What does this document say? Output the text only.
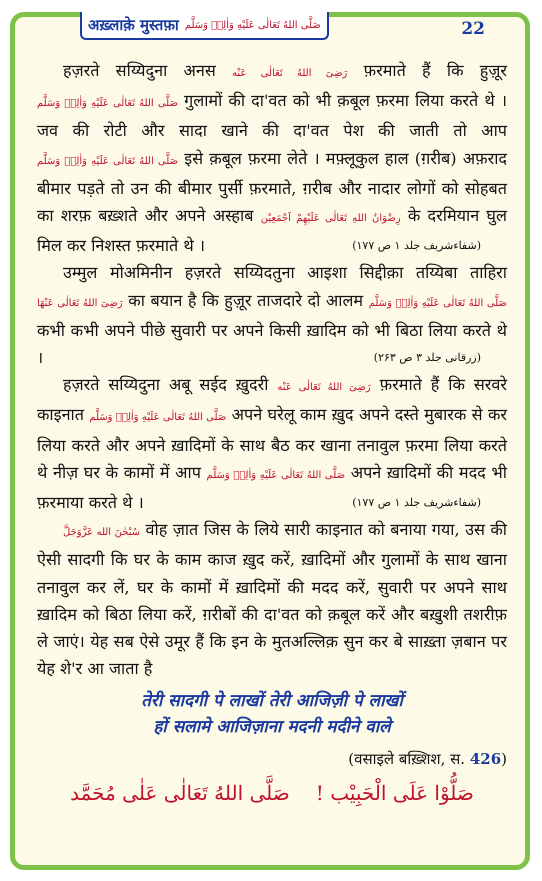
अख़्लाक़े मुस्तफ़ा صَلَّى اللهُ تَعَالٰى عَلَيْهِ وَاٰلِهٖ وَسَلَّم	22

हज़रते सय्यिदुना अनस رَضِىَ اللهُ تَعَالٰى عَنْه फ़रमाते हैं कि हुज़ूर صَلَّى اللهُ تَعَالٰى عَلَيْهِ وَاٰلِهٖ وَسَلَّم गुलामों की दा'वत को भी क़बूल फ़रमा लिया करते थे । जव की रोटी और सादा खाने की दा'वत पेश की जाती तो आप صَلَّى اللهُ تَعَالٰى عَلَيْهِ وَاٰلِهٖ وَسَلَّم इसे क़बूल फ़रमा लेते । मफ़्लूकुल हाल (ग़रीब) अफ़राद बीमार पड़ते तो उन की बीमार पुर्सी फ़रमाते, ग़रीब और नादार लोगों को सोहबत का शरफ़ बख़्शते और अपने अस्हाब رِضْوَانُ اللهِ تَعَالٰى عَلَيْهِمْ اَجْمَعِيْن के दरमियान घुल मिल कर निशस्त फ़रमाते थे ।	(شفاءشریف جلد ۱ ص ۱۷۷)

उम्मुल मोअमिनीन हज़रते सय्यिदतुना आइशा सिद्दीक़ा तय्यिबा ताहिरा رَضِىَ اللهُ تَعَالٰى عَنْهَا का बयान है कि हुज़ूर ताजदारे दो आलम صَلَّى اللهُ تَعَالٰى عَلَيْهِ وَاٰلِهٖ وَسَلَّم कभी कभी अपने पीछे सुवारी पर अपने किसी ख़ादिम को भी बिठा लिया करते थे ।	(زرقانی جلد ۳ ص ۲۶۳)

हज़रते सय्यिदुना अबू सईद ख़ुदरी رَضِىَ اللهُ تَعَالٰى عَنْه फ़रमाते हैं कि सरवरे काइनात صَلَّى اللهُ تَعَالٰى عَلَيْهِ وَاٰلِهٖ وَسَلَّم अपने घरेलू काम ख़ुद अपने दस्ते मुबारक से कर लिया करते और अपने ख़ादिमों के साथ बैठ कर खाना तनावुल फ़रमा लिया करते थे नीज़ घर के कामों में आप صَلَّى اللهُ تَعَالٰى عَلَيْهِ وَاٰلِهٖ وَسَلَّم अपने ख़ादिमों की मदद भी फ़रमाया करते थे ।	(شفاءشریف جلد ۱ ص ۱۷۷)

سُبْحٰنَ الله عَزَّوَجَلَّ वोह ज़ात जिस के लिये सारी काइनात को बनाया गया, उस की ऐसी सादगी कि घर के काम काज ख़ुद करें, ख़ादिमों और गुलामों के साथ खाना तनावुल कर लें, घर के कामों में ख़ादिमों की मदद करें, सुवारी पर अपने साथ ख़ादिम को बिठा लिया करें, ग़रीबों की दा'वत को क़बूल करें और बख़ुशी तशरीफ़ ले जाएं। येह सब ऐसे उमूर हैं कि इन के मुतअल्लिक़ सुन कर बे साख़्ता ज़बान पर येह शे'र आ जाता है

तेरी सादगी पे लाखों तेरी आजिज़ी पे लाखों
हों सलामे आजिज़ाना मदनी मदीने वाले
(वसाइले बख़्शिश, स. 426)
صَلُّوْا عَلَى الْحَبِيْب !
صَلَّى اللهُ تَعَالٰى عَلٰى مُحَمَّد
